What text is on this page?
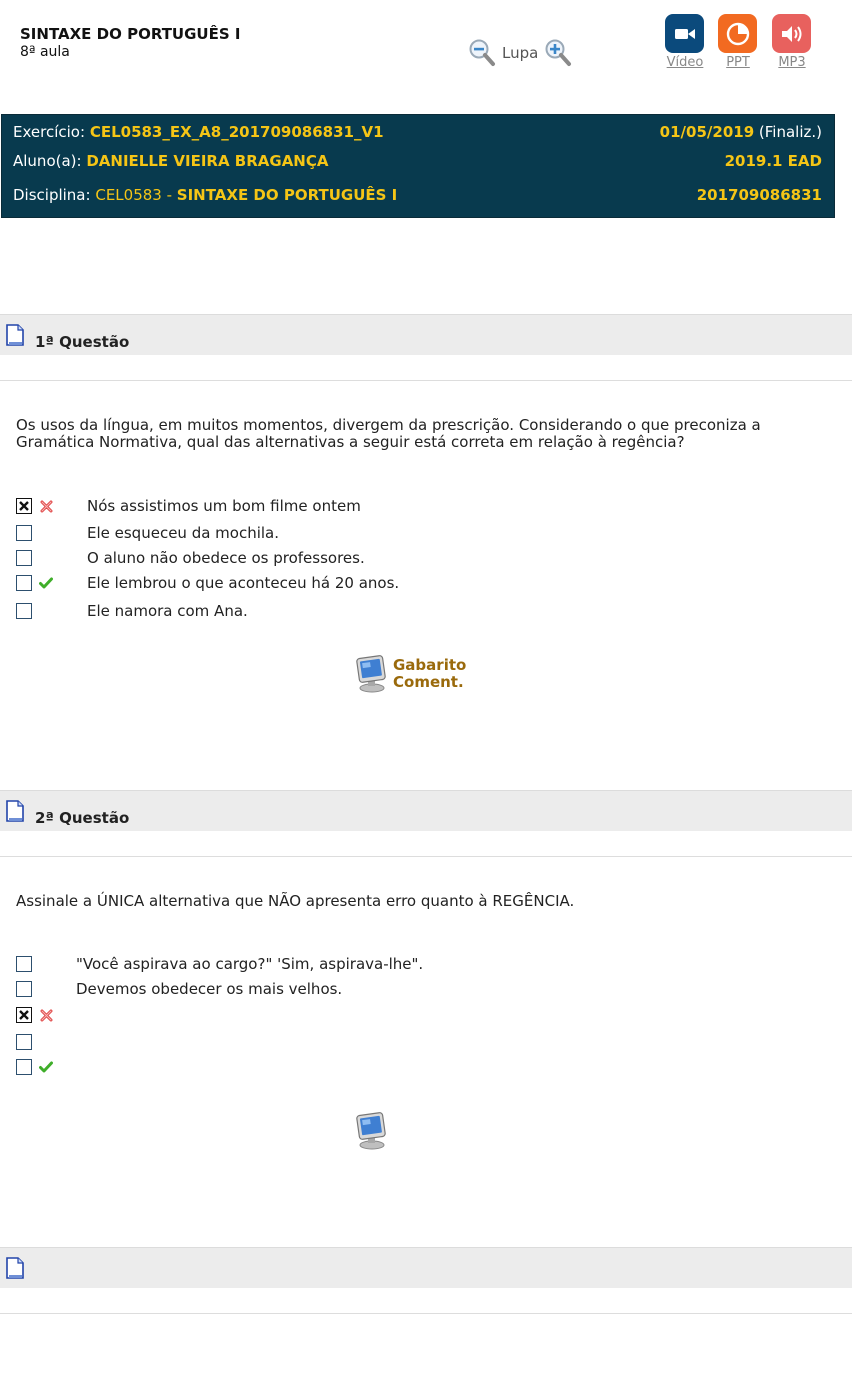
SINTAXE DO PORTUGUÊS I
8ª aula	Lupa
Vídeo	PPT	MP3
Exercício: CEL0583_EX_A8_201709086831_V1	01/05/2019 (Finaliz.)
Aluno(a): DANIELLE VIEIRA BRAGANÇA	2019.1 EAD
Disciplina: CEL0583 - SINTAXE DO PORTUGUÊS I	201709086831
1ª Questão
Os usos da língua, em muitos momentos, divergem da prescrição. Considerando o que preconiza a Gramática Normativa, qual das alternativas a seguir está correta em relação à regência?
Nós assistimos um bom filme ontem
Ele esqueceu da mochila.
O aluno não obedece os professores.
Ele lembrou o que aconteceu há 20 anos.
Ele namora com Ana.
Gabarito
Coment.
2ª Questão
Assinale a ÚNICA alternativa que NÃO apresenta erro quanto à REGÊNCIA.
"Você aspirava ao cargo?" 'Sim, aspirava-lhe".
Devemos obedecer os mais velhos.
